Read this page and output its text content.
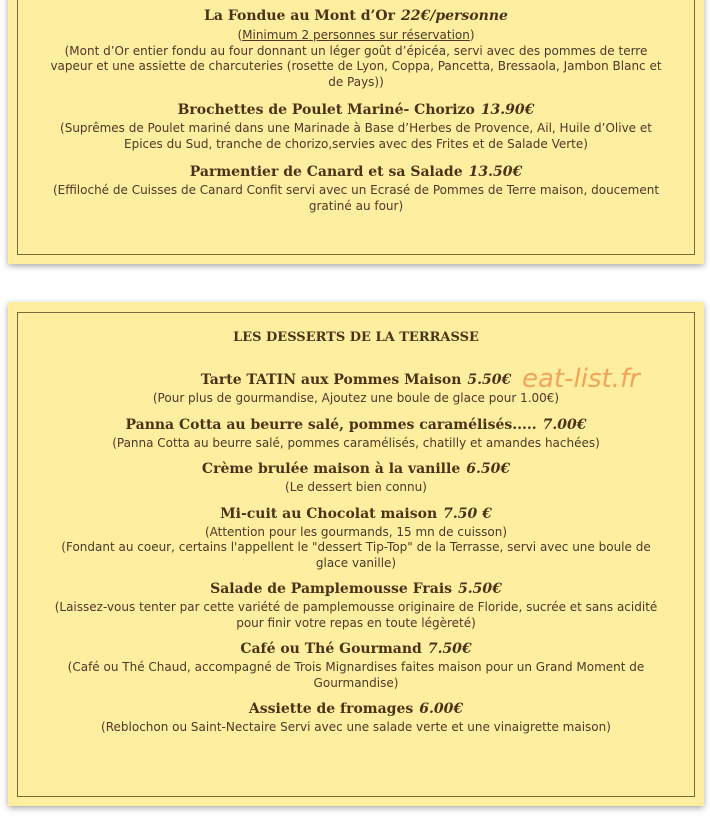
La Fondue au Mont d’Or 22€/personne

(Minimum 2 personnes sur réservation)

(Mont d’Or entier fondu au four donnant un léger goût d’épicéa, servi avec des pommes de terre vapeur et une assiette de charcuteries (rosette de Lyon, Coppa, Pancetta, Bressaola, Jambon Blanc et de Pays))

Brochettes de Poulet Mariné- Chorizo 13.90€

(Suprêmes de Poulet mariné dans une Marinade à Base d’Herbes de Provence, Ail, Huile d’Olive et Epices du Sud, tranche de chorizo,servies avec des Frites et de Salade Verte)

Parmentier de Canard et sa Salade 13.50€

(Effiloché de Cuisses de Canard Confit servi avec un Ecrasé de Pommes de Terre maison, doucement gratiné au four)

LES DESSERTS DE LA TERRASSE

Tarte TATIN aux Pommes Maison 5.50€

(Pour plus de gourmandise, Ajoutez une boule de glace pour 1.00€)

Panna Cotta au beurre salé, pommes caramélisés..... 7.00€

(Panna Cotta au beurre salé, pommes caramélisés, chatilly et amandes hachées)

Crème brulée maison à la vanille 6.50€

(Le dessert bien connu)

Mi-cuit au Chocolat maison 7.50 €

(Attention pour les gourmands, 15 mn de cuisson)

(Fondant au coeur, certains l'appellent le "dessert Tip-Top" de la Terrasse, servi avec une boule de glace vanille)

Salade de Pamplemousse Frais 5.50€

(Laissez-vous tenter par cette variété de pamplemousse originaire de Floride, sucrée et sans acidité pour finir votre repas en toute légèreté)

Café ou Thé Gourmand 7.50€

(Café ou Thé Chaud, accompagné de Trois Mignardises faites maison pour un Grand Moment de Gourmandise)

Assiette de fromages 6.00€

(Reblochon ou Saint-Nectaire Servi avec une salade verte et une vinaigrette maison)

eat-list.fr
